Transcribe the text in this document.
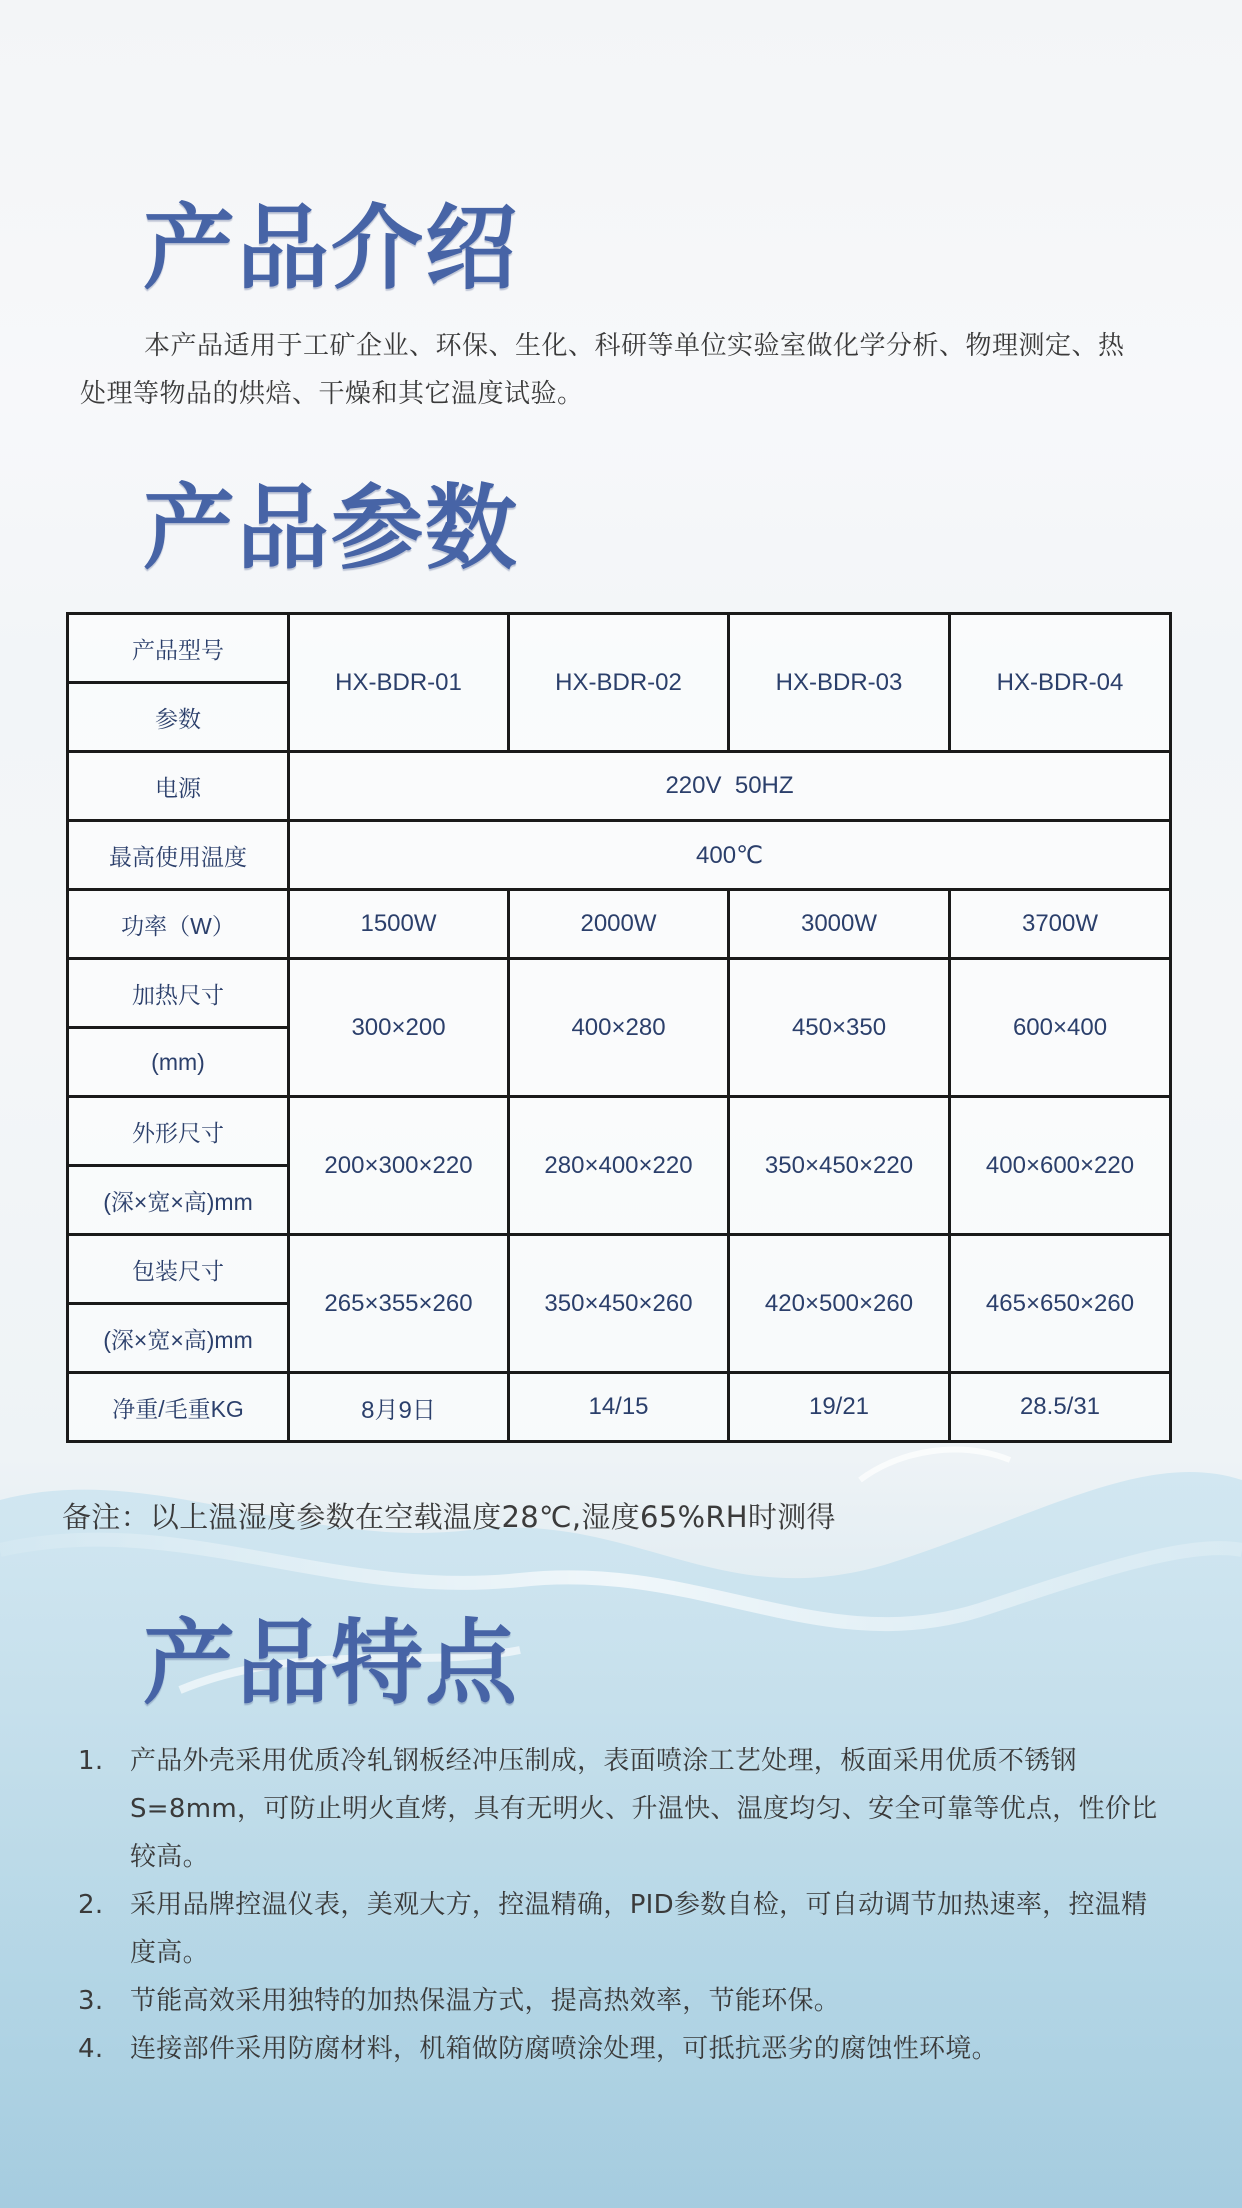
产品介绍

本产品适用于工矿企业、环保、生化、科研等单位实验室做化学分析、物理测定、热处理等物品的烘焙、干燥和其它温度试验。

产品参数
产品型号	HX-BDR-01	HX-BDR-02	HX-BDR-03	HX-BDR-04
参数				
电源	220V  50HZ			
最高使用温度	400℃			
功率（W）	1500W	2000W	3000W	3700W
加热尺寸	300×200	400×280	450×350	600×400
(mm)				
外形尺寸	200×300×220	280×400×220	350×450×220	400×600×220
(深×宽×高)mm				
包装尺寸	265×355×260	350×450×260	420×500×260	465×650×260
(深×宽×高)mm				
净重/毛重KG	8月9日	14/15	19/21	28.5/31

备注：以上温湿度参数在空载温度28℃,湿度65%RH时测得

产品特点
1. 产品外壳采用优质冷轧钢板经冲压制成，表面喷涂工艺处理，板面采用优质不锈钢S=8mm，可防止明火直烤，具有无明火、升温快、温度均匀、安全可靠等优点，性价比较高。
2. 采用品牌控温仪表，美观大方，控温精确，PID参数自检，可自动调节加热速率，控温精度高。
3. 节能高效采用独特的加热保温方式，提高热效率，节能环保。
4. 连接部件采用防腐材料，机箱做防腐喷涂处理，可抵抗恶劣的腐蚀性环境。
